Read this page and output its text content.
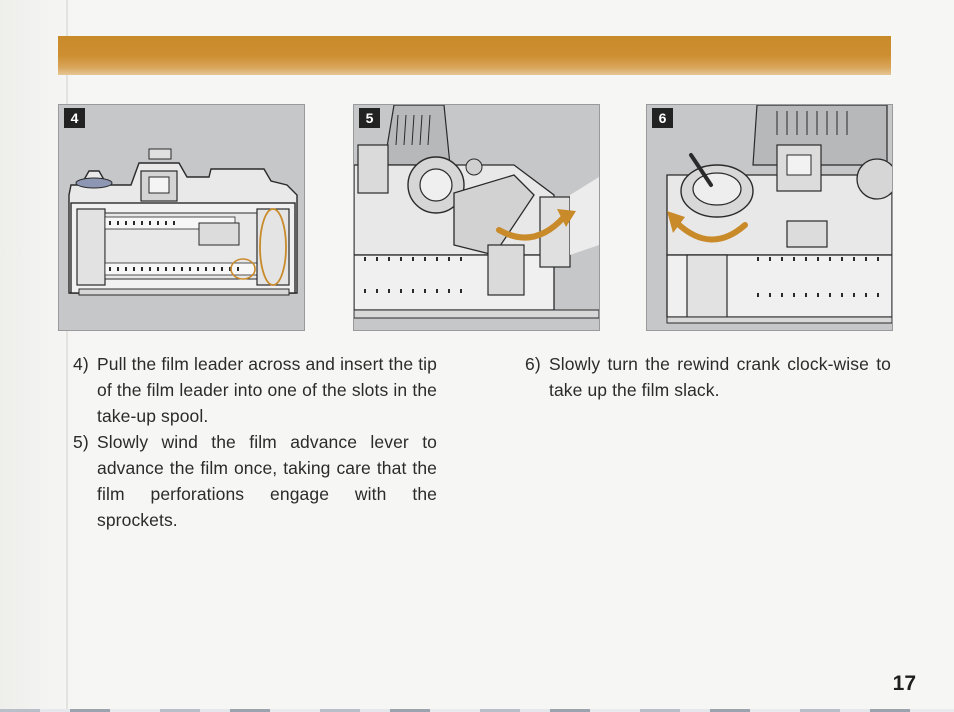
4	5	6
4) Pull the film leader across and insert the tip of the film leader into one of the slots in the take-up spool.
5) Slowly wind the film advance lever to advance the film once, taking care that the film perforations engage with the sprockets.
6) Slowly turn the rewind crank clock-wise to take up the film slack.
17
